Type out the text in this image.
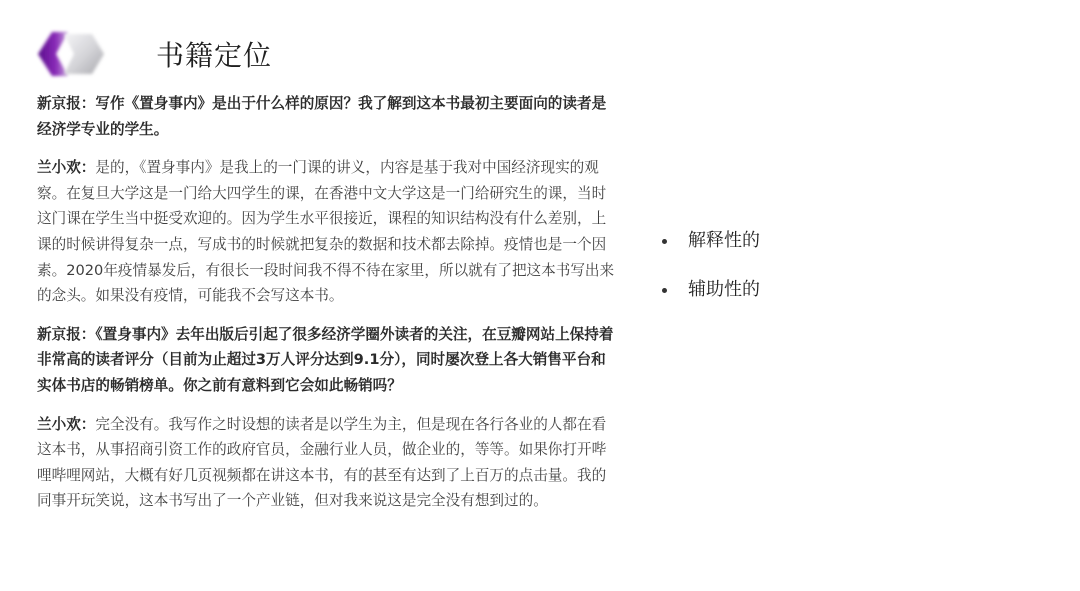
书籍定位

新京报：写作《置身事内》是出于什么样的原因？我了解到这本书最初主要面向的读者是经济学专业的学生。

兰小欢：是的，《置身事内》是我上的一门课的讲义，内容是基于我对中国经济现实的观察。在复旦大学这是一门给大四学生的课，在香港中文大学这是一门给研究生的课，当时这门课在学生当中挺受欢迎的。因为学生水平很接近，课程的知识结构没有什么差别，上课的时候讲得复杂一点，写成书的时候就把复杂的数据和技术都去除掉。疫情也是一个因素。2020年疫情暴发后，有很长一段时间我不得不待在家里，所以就有了把这本书写出来的念头。如果没有疫情，可能我不会写这本书。

新京报：《置身事内》去年出版后引起了很多经济学圈外读者的关注，在豆瓣网站上保持着非常高的读者评分（目前为止超过3万人评分达到9.1分），同时屡次登上各大销售平台和实体书店的畅销榜单。你之前有意料到它会如此畅销吗？

兰小欢：完全没有。我写作之时设想的读者是以学生为主，但是现在各行各业的人都在看这本书，从事招商引资工作的政府官员，金融行业人员，做企业的，等等。如果你打开哔哩哔哩网站，大概有好几页视频都在讲这本书，有的甚至有达到了上百万的点击量。我的同事开玩笑说，这本书写出了一个产业链，但对我来说这是完全没有想到过的。

解释性的
辅助性的
